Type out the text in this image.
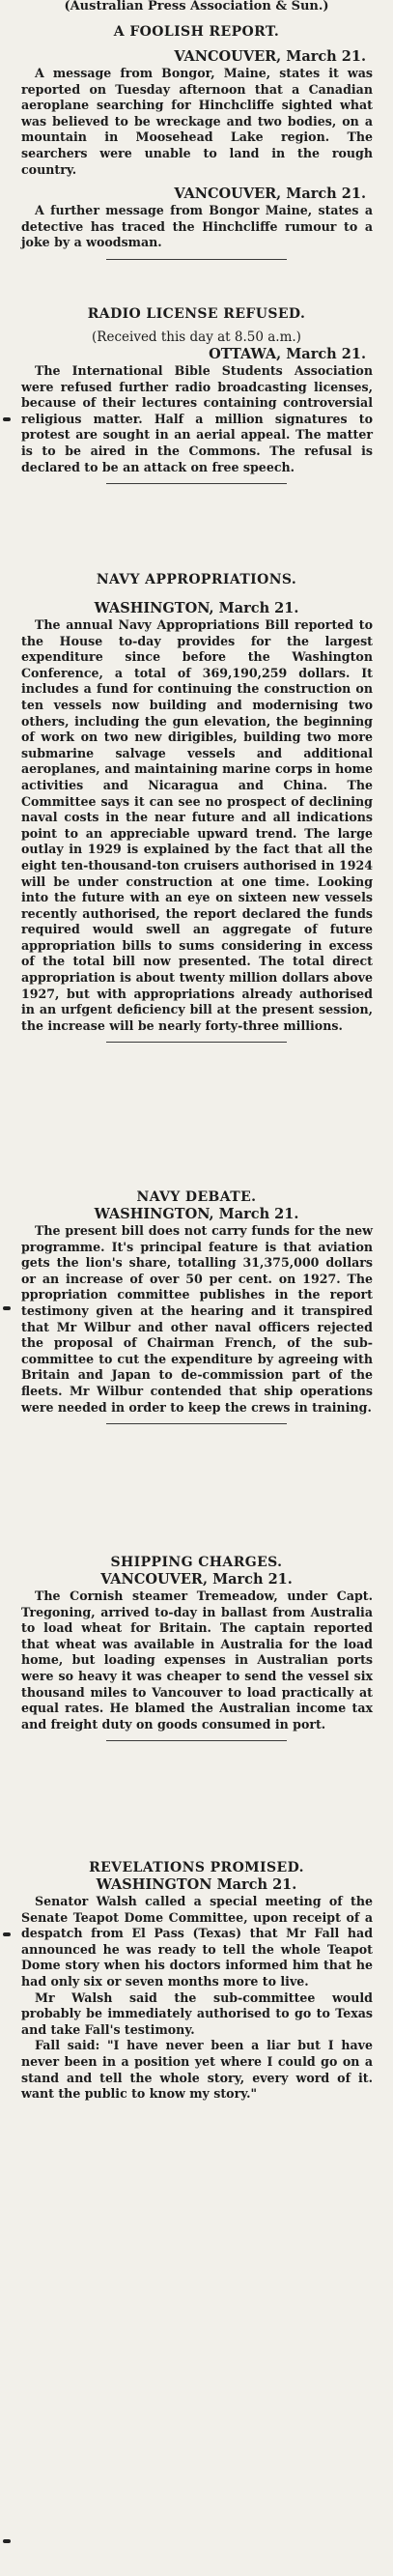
(Australian Press Association & Sun.)
A FOOLISH REPORT.
VANCOUVER, March 21.

A message from Bongor, Maine, states it was reported on Tuesday afternoon that a Canadian aeroplane searching for Hinchcliffe sighted what was believed to be wreckage and two bodies, on a mountain in Moosehead Lake region. The searchers were unable to land in the rough country.

VANCOUVER, March 21.

A further message from Bongor Maine, states a detective has traced the Hinchcliffe rumour to a joke by a woodsman.

RADIO LICENSE REFUSED.
(Received this day at 8.50 a.m.)
OTTAWA, March 21.

The International Bible Students Association were refused further radio broadcasting licenses, because of their lectures containing controversial religious matter. Half a million signatures to protest are sought in an aerial appeal. The matter is to be aired in the Commons. The refusal is declared to be an attack on free speech.

NAVY APPROPRIATIONS.
WASHINGTON, March 21.

The annual Navy Appropriations Bill reported to the House to-day provides for the largest expenditure since before the Washington Conference, a total of 369,190,259 dollars. It includes a fund for continuing the construction on ten vessels now building and modernising two others, including the gun elevation, the beginning of work on two new dirigibles, building two more submarine salvage vessels and additional aeroplanes, and maintaining marine corps in home activities and Nicaragua and China. The Committee says it can see no prospect of declining naval costs in the near future and all indications point to an appreciable upward trend. The large outlay in 1929 is explained by the fact that all the eight ten-thousand-ton cruisers authorised in 1924 will be under construction at one time. Looking into the future with an eye on sixteen new vessels recently authorised, the report declared the funds required would swell an aggregate of future appropriation bills to sums considering in excess of the total bill now presented. The total direct appropriation is about twenty million dollars above 1927, but with appropriations already authorised in an urfgent deficiency bill at the present session, the increase will be nearly forty-three millions.

NAVY DEBATE.
WASHINGTON, March 21.

The present bill does not carry funds for the new programme. It's principal feature is that aviation gets the lion's share, totalling 31,375,000 dollars or an increase of over 50 per cent. on 1927. The ppropriation committee publishes in the report testimony given at the hearing and it transpired that Mr Wilbur and other naval officers rejected the proposal of Chairman French, of the sub-committee to cut the expenditure by agreeing with Britain and Japan to de-commission part of the fleets. Mr Wilbur contended that ship operations were needed in order to keep the crews in training.

SHIPPING CHARGES.
VANCOUVER, March 21.

The Cornish steamer Tremeadow, under Capt. Tregoning, arrived to-day in ballast from Australia to load wheat for Britain. The captain reported that wheat was available in Australia for the load home, but loading expenses in Australian ports were so heavy it was cheaper to send the vessel six thousand miles to Vancouver to load practically at equal rates. He blamed the Australian income tax and freight duty on goods consumed in port.

REVELATIONS PROMISED.
WASHINGTON March 21.

Senator Walsh called a special meeting of the Senate Teapot Dome Committee, upon receipt of a despatch from El Pass (Texas) that Mr Fall had announced he was ready to tell the whole Teapot Dome story when his doctors informed him that he had only six or seven months more to live.

Mr Walsh said the sub-committee would probably be immediately authorised to go to Texas and take Fall's testimony.

Fall said: "I have never been a liar but I have never been in a position yet where I could go on a stand and tell the whole story, every word of it. want the public to know my story."
